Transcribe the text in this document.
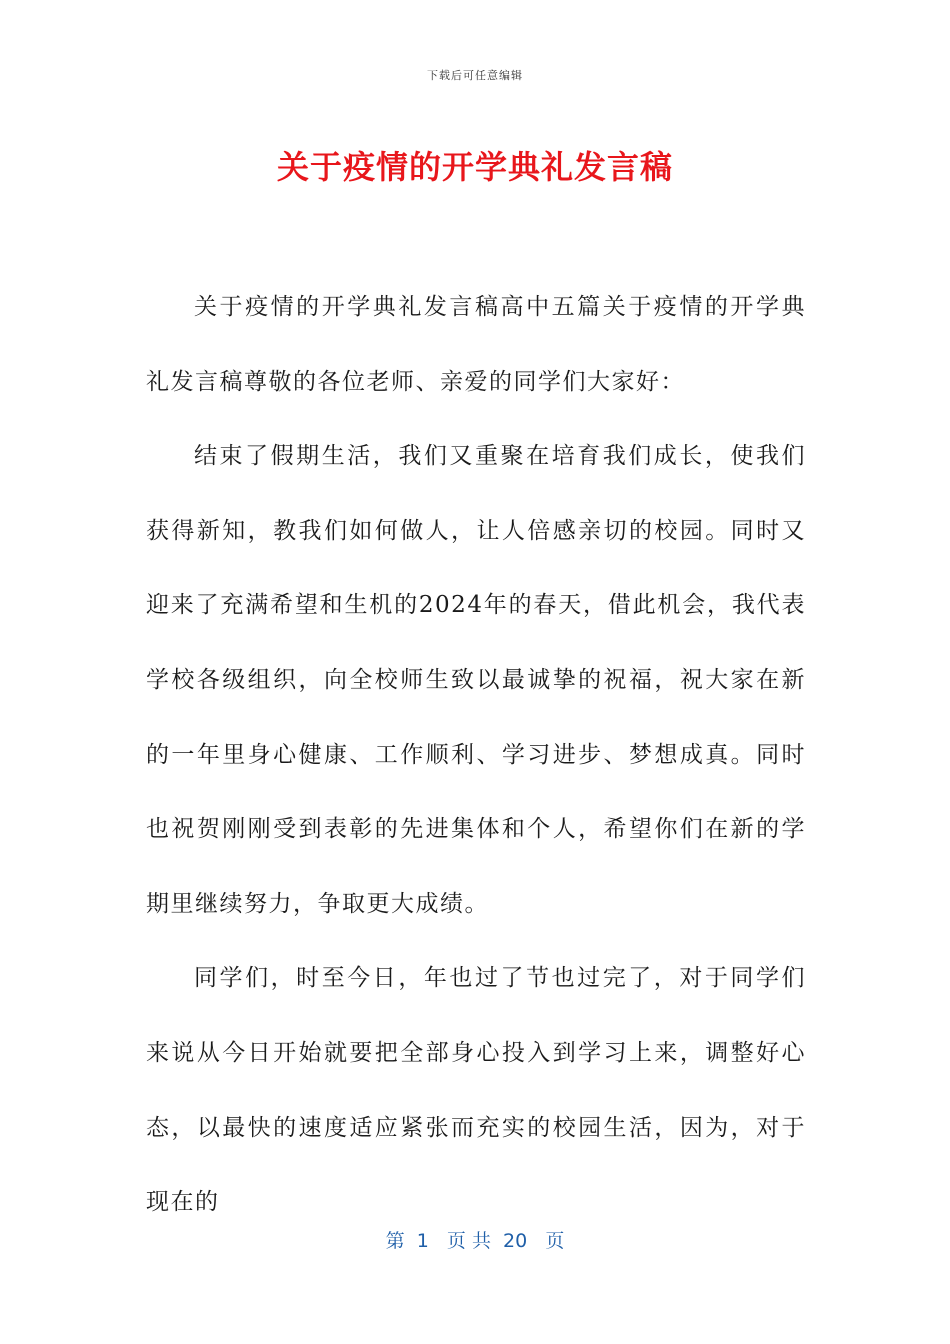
下载后可任意编辑
关于疫情的开学典礼发言稿

关于疫情的开学典礼发言稿高中五篇关于疫情的开学典礼发言稿尊敬的各位老师、亲爱的同学们大家好：

结束了假期生活，我们又重聚在培育我们成长，使我们获得新知，教我们如何做人，让人倍感亲切的校园。同时又迎来了充满希望和生机的2024年的春天，借此机会，我代表学校各级组织，向全校师生致以最诚挚的祝福，祝大家在新的一年里身心健康、工作顺利、学习进步、梦想成真。同时也祝贺刚刚受到表彰的先进集体和个人，希望你们在新的学期里继续努力，争取更大成绩。

同学们，时至今日，年也过了节也过完了，对于同学们来说从今日开始就要把全部身心投入到学习上来，调整好心态，以最快的速度适应紧张而充实的校园生活，因为，对于现在的

第  1   页 共  20   页
